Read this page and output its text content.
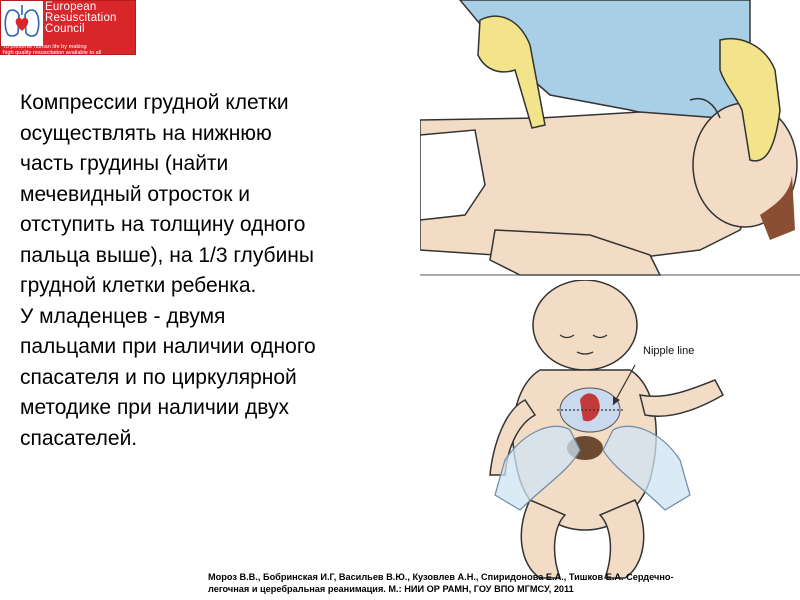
European
Resuscitation
Council
To preserve human life by making
high quality resuscitation available to all

Компрессии грудной клетки
осуществлять на нижнюю
часть грудины (найти
мечевидный отросток и
отступить на толщину одного
пальца выше), на 1/3 глубины
грудной клетки ребенка.

У младенцев - двумя
пальцами при наличии одного
спасателя и по циркулярной
методике при наличии двух
спасателей.

Nipple line
Мороз В.В., Бобринская И.Г, Васильев В.Ю., Кузовлев А.Н., Спиридонова Е.А., Тишков Е.А. Сердечно-
легочная и церебральная реанимация. М.: НИИ ОР РАМН, ГОУ ВПО МГМСУ, 2011
